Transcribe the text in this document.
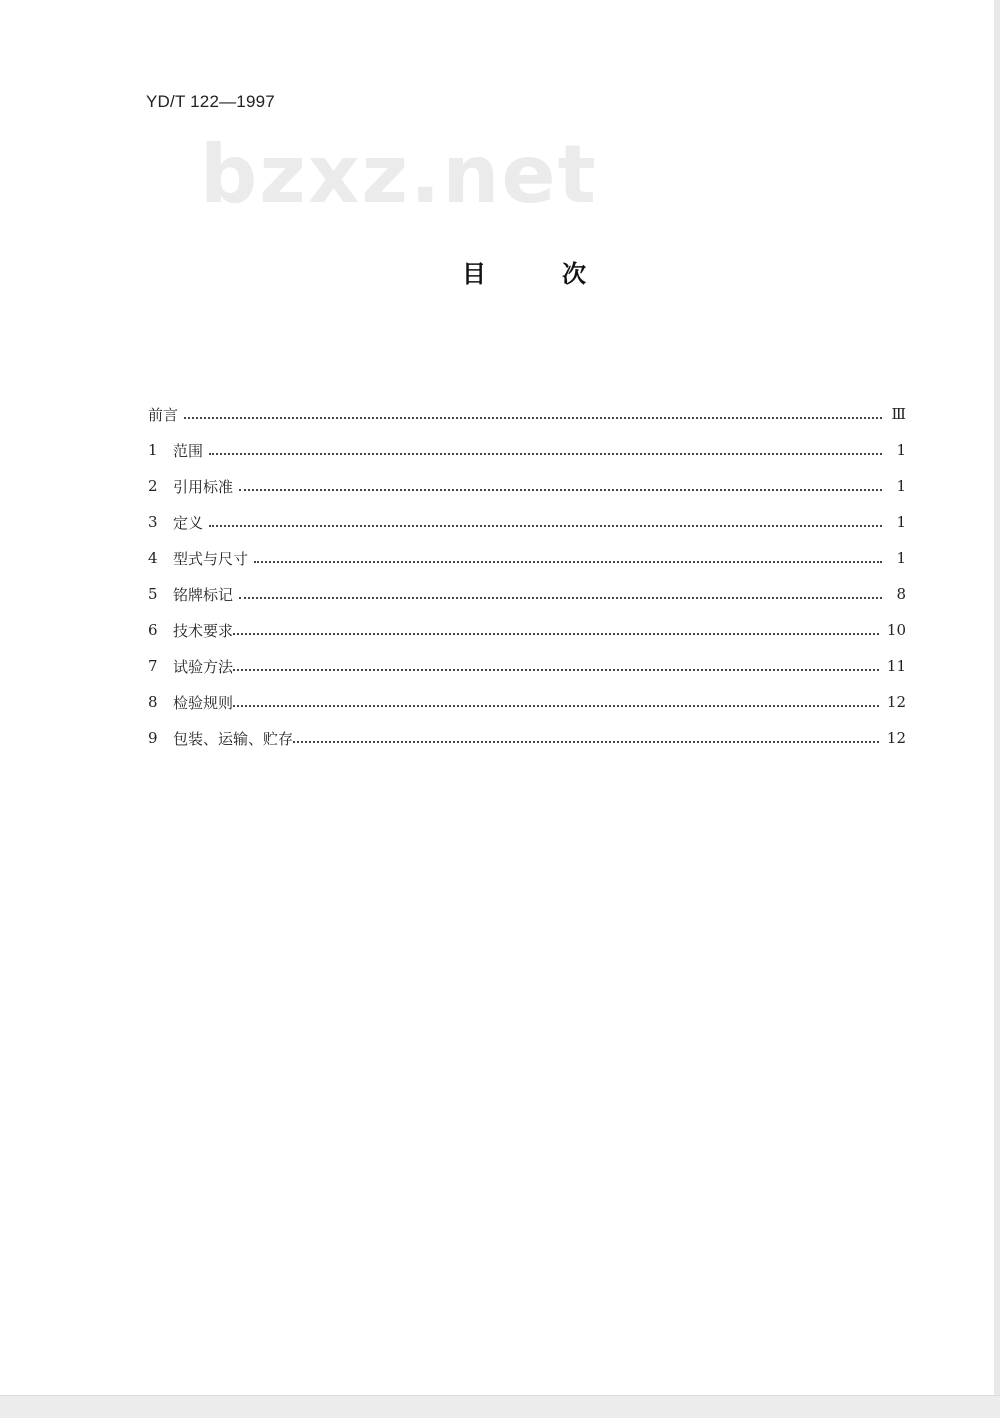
YD/T 122—1997
bzxz.net
目	次
前言	Ⅲ
1	范围	1
2	引用标准	1
3	定义	1
4	型式与尺寸	1
5	铭牌标记	8
6	技术要求	10
7	试验方法	11
8	检验规则	12
9	包装、运输、贮存	12
